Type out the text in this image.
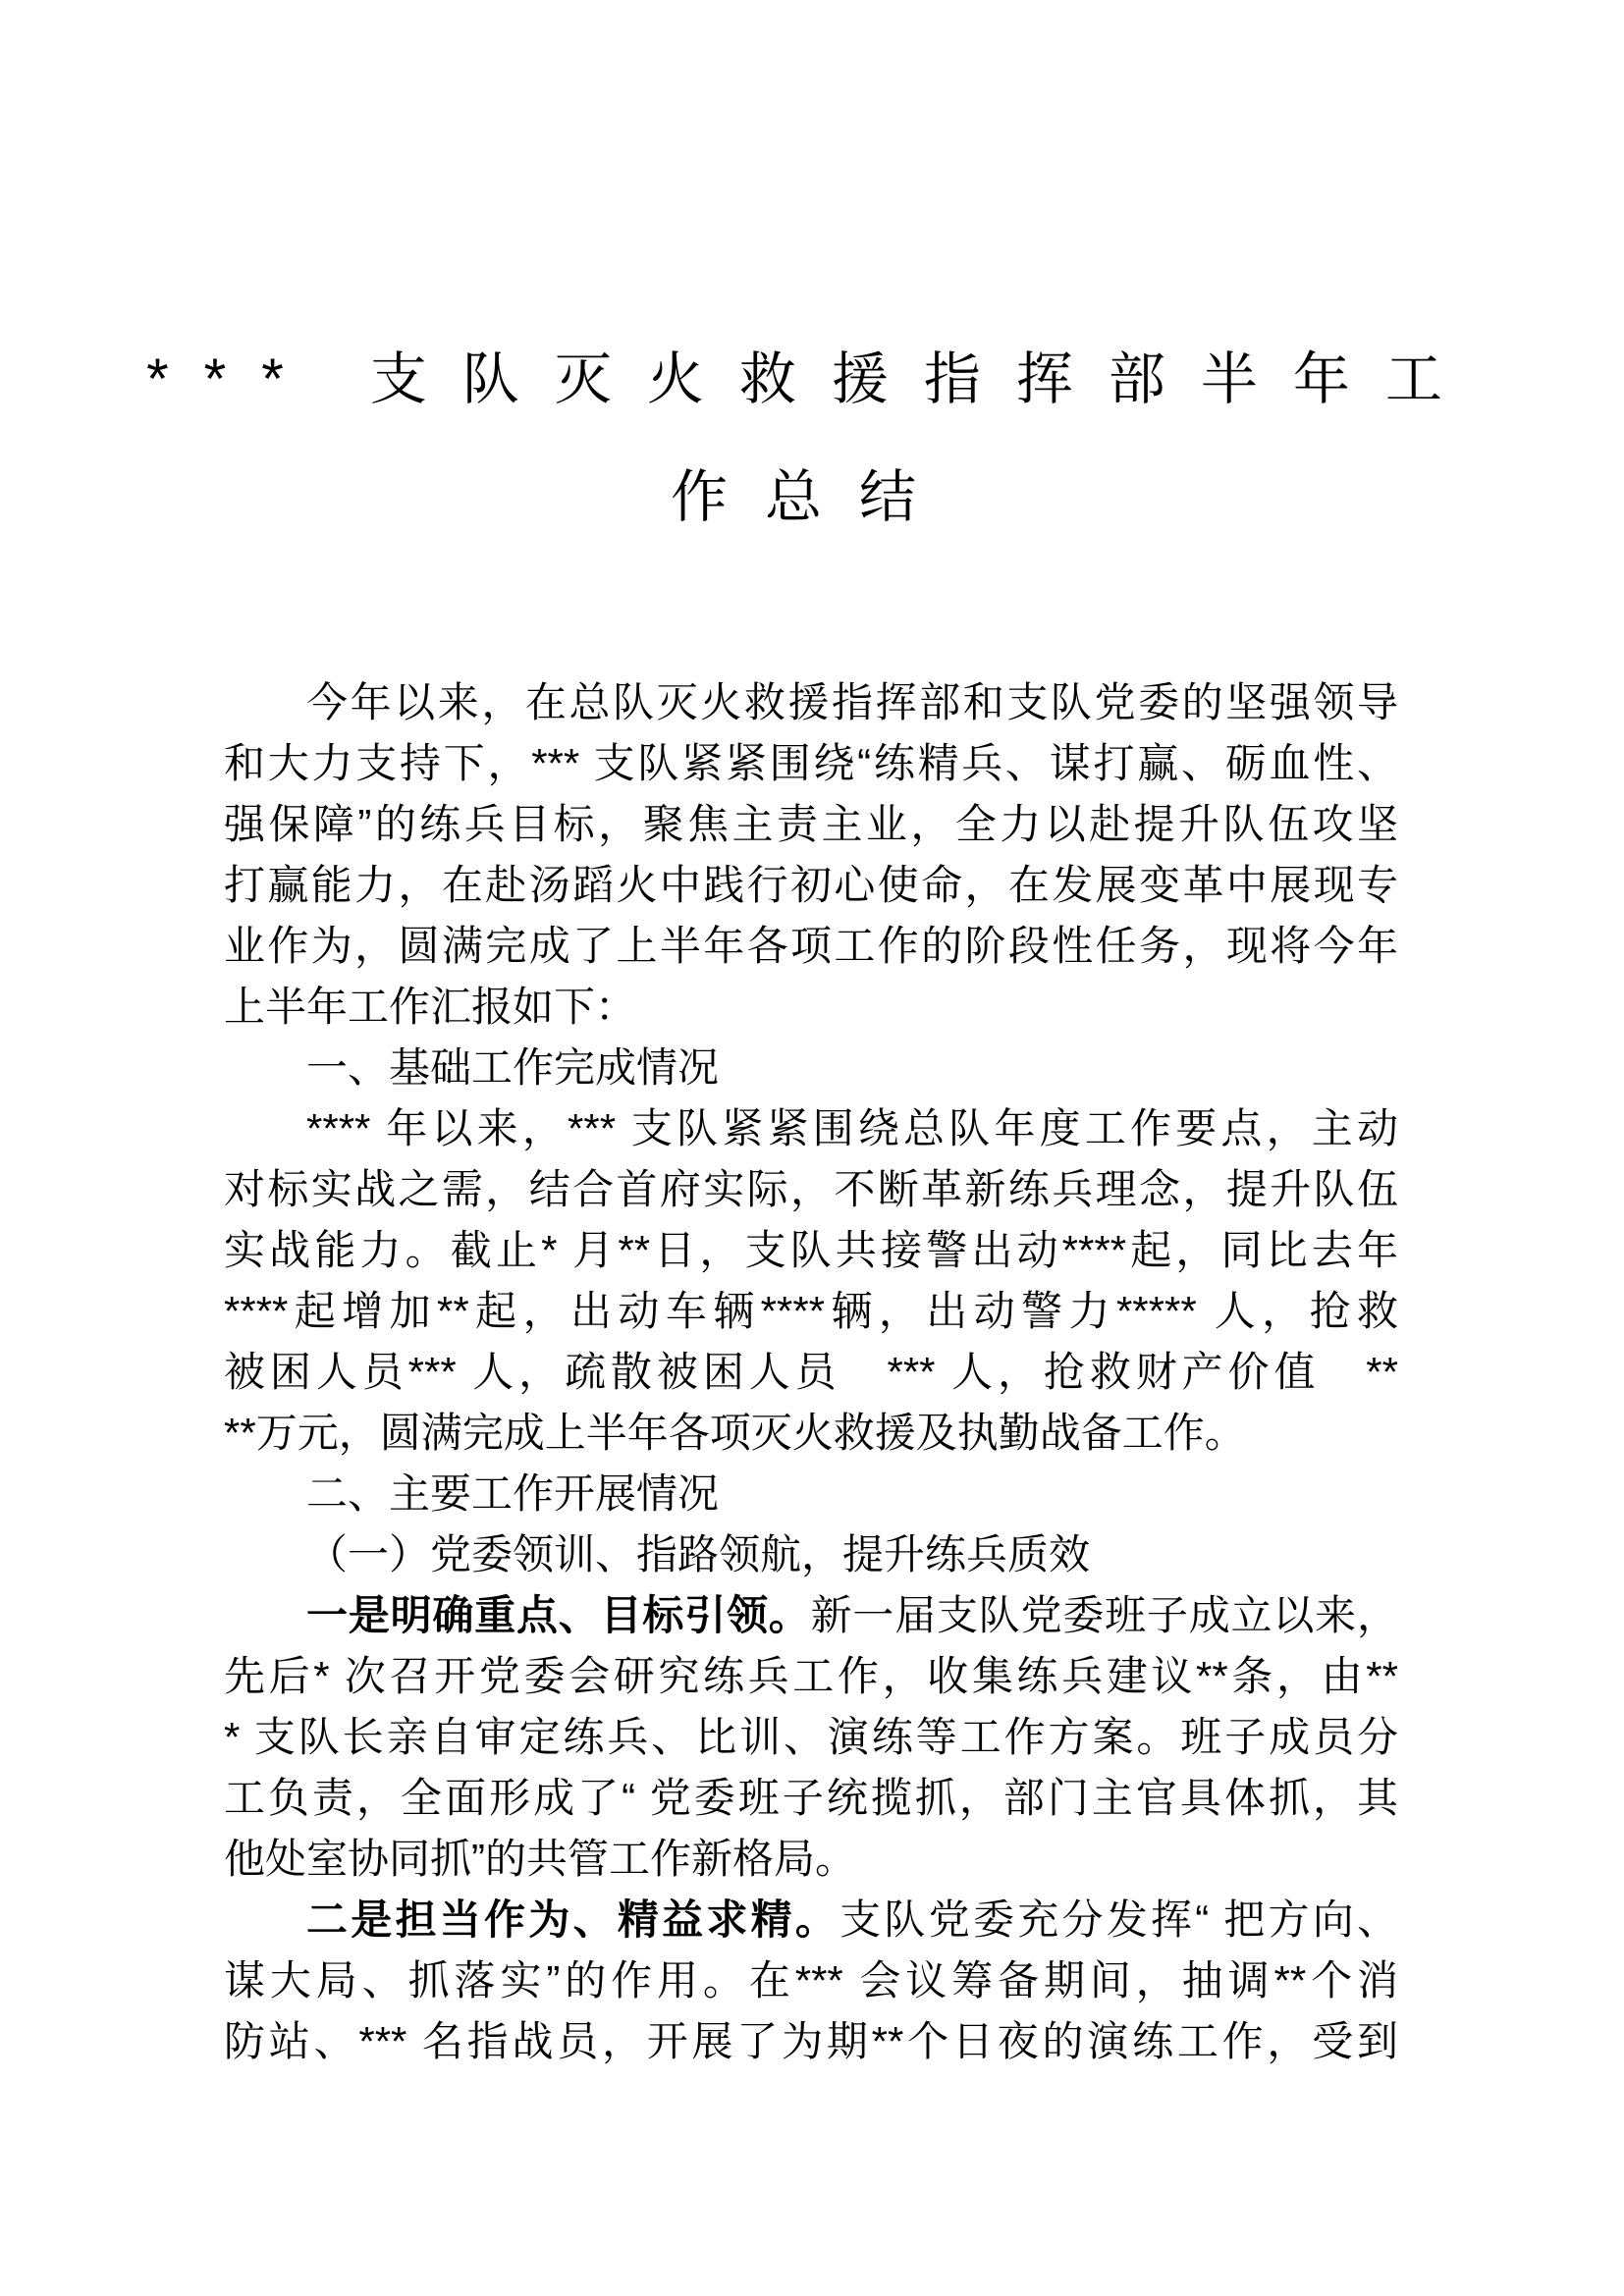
*** 支队灭火救援指挥部半年工
作总结
今年以来，在总队灭火救援指挥部和支队党委的坚强领导
和大力支持下，*** 支队紧紧围绕“练精兵、谋打赢、砺血性、
强保障”的练兵目标，聚焦主责主业，全力以赴提升队伍攻坚
打赢能力，在赴汤蹈火中践行初心使命，在发展变革中展现专
业作为，圆满完成了上半年各项工作的阶段性任务，现将今年
上半年工作汇报如下：
一、基础工作完成情况
**** 年以来，*** 支队紧紧围绕总队年度工作要点，主动
对标实战之需，结合首府实际，不断革新练兵理念，提升队伍
实战能力。截止* 月**日，支队共接警出动****起，同比去年
****起增加**起，出动车辆****辆，出动警力***** 人，抢救
被困人员*** 人，疏散被困人员　*** 人，抢救财产价值　**
**万元，圆满完成上半年各项灭火救援及执勤战备工作。
二、主要工作开展情况
（一）党委领训、指路领航，提升练兵质效
一是明确重点、目标引领。新一届支队党委班子成立以来，
先后* 次召开党委会研究练兵工作，收集练兵建议**条，由**
* 支队长亲自审定练兵、比训、演练等工作方案。班子成员分
工负责，全面形成了“ 党委班子统揽抓，部门主官具体抓，其
他处室协同抓”的共管工作新格局。
二是担当作为、精益求精。支队党委充分发挥“ 把方向、
谋大局、抓落实”的作用。在*** 会议筹备期间，抽调**个消
防站、*** 名指战员，开展了为期**个日夜的演练工作，受到
